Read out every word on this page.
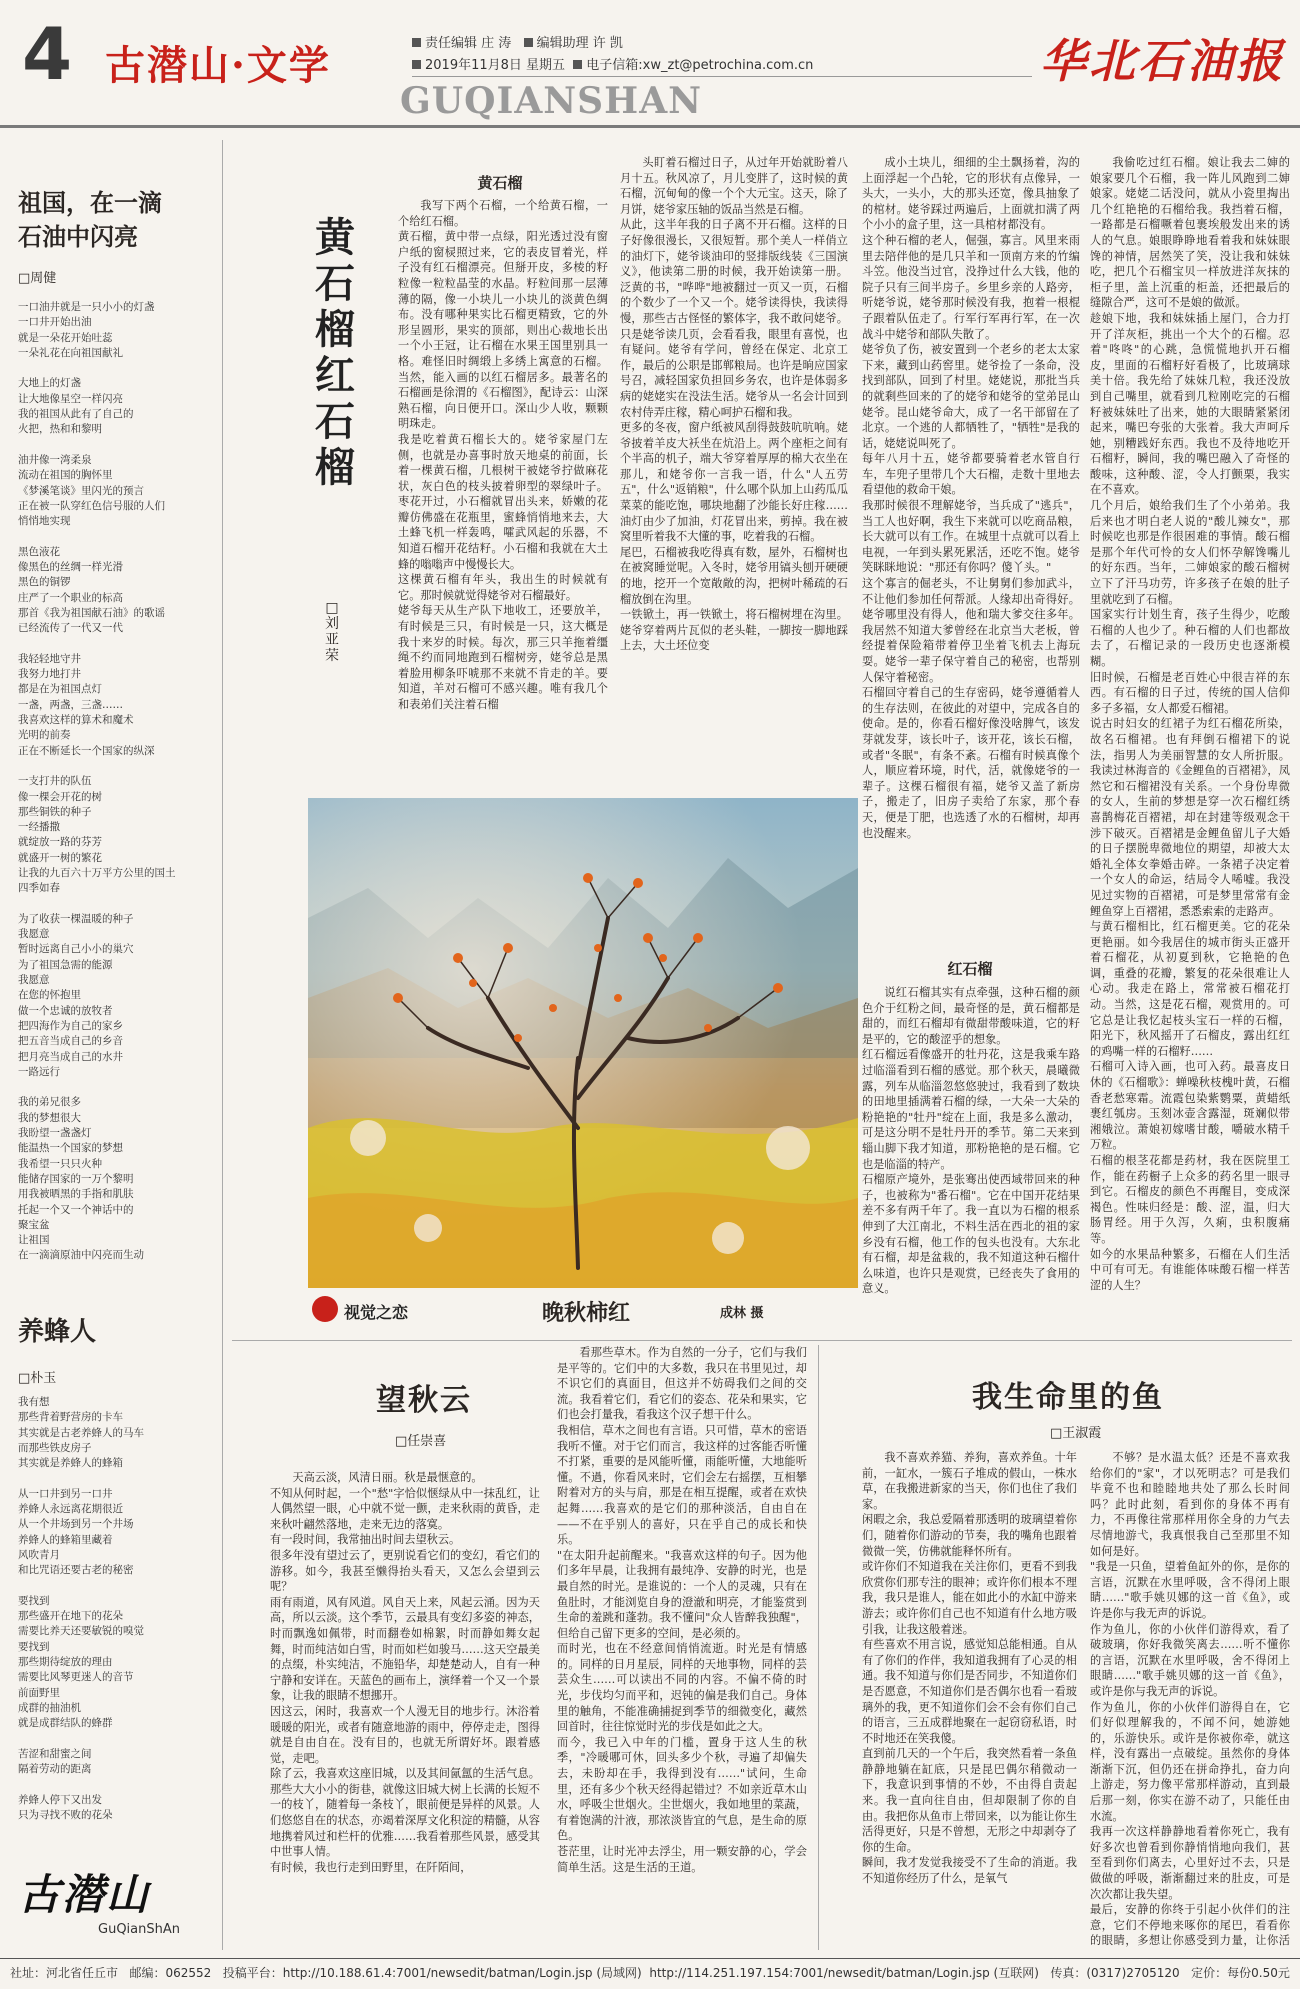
4 古潜山·文学	责任编辑 庄 涛 编辑助理 许 凯
2019年11月8日 星期五 电子信箱:xw_zt@petrochina.com.cn
GUQIANSHAN
华北石油报
祖国，在一滴
石油中闪亮
□周健
一口油井就是一只小小的灯盏
一口井开始出油
就是一朵花开始吐蕊
一朵礼花在向祖国献礼

大地上的灯盏
让大地像星空一样闪亮
我的祖国从此有了自己的
火把，热和和黎明

油井像一湾柔泉
流动在祖国的胸怀里
《梦溪笔谈》里闪光的预言
正在被一队穿红色信号服的人们
悄悄地实现

黑色液花
像黑色的丝绸一样光滑
黑色的铜锣
庄严了一个职业的标高
那首《我为祖国献石油》的歌谣
已经流传了一代又一代

我轻轻地守井
我努力地打井
都是在为祖国点灯
一盏，两盏，三盏……
我喜欢这样的算术和魔术
光明的前奏
正在不断延长一个国家的纵深

一支打井的队伍
像一棵会开花的树
那些铜铁的种子
一经播撒
就绽放一路的芬芳
就盛开一树的繁花
让我的九百六十万平方公里的国土
四季如春

为了收获一棵温暖的种子
我愿意
暂时远离自己小小的巢穴
为了祖国急需的能源
我愿意
在您的怀抱里
做一个忠诚的放牧者
把四海作为自己的家乡
把五音当成自己的乡音
把月亮当成自己的水井
一路远行

我的弟兄很多
我的梦想很大
我盼望一盏盏灯
能温热一个国家的梦想
我希望一只只火种
能储存国家的一万个黎明
用我被晒黑的手指和肌肤
托起一个又一个神话中的
聚宝盆
让祖国
在一滴滴原油中闪亮而生动
养蜂人
□朴玉
我有想
那些背着野营房的卡车
其实就是古老养蜂人的马车
而那些铁皮房子
其实就是养蜂人的蜂箱

从一口井到另一口井
养蜂人永远离花期很近
从一个井场到另一个井场
养蜂人的蜂箱里藏着
风吹青月
和比咒语还要古老的秘密

要找到
那些盛开在地下的花朵
需要比养天还要敏锐的嗅觉
要找到
那些期待绽放的理由
需要比风琴更迷人的音节
前面野里
成群的抽油机
就是成群结队的蜂群

苦涩和甜蜜之间
隔着劳动的距离

养蜂人停下又出发
只为寻找不败的花朵
古潜山
GuQianShAn
黄石榴 红石榴
□刘亚荣
黄石榴

我写下两个石榴，一个给黄石榴，一个给红石榴。
黄石榴，黄中带一点绿，阳光透过没有窗户纸的窗棂照过来，它的表皮冒着光，样子没有红石榴漂亮。但掰开皮，多棱的籽粒像一粒粒晶莹的水晶。籽粒间那一层薄薄的隔，像一小块儿一小块儿的淡黄色绸布。没有哪种果实比石榴更精致，它的外形呈圆形，果实的顶部，则出心裁地长出一个小王冠，让石榴在水果王国里别具一格。难怪旧时绸缎上多绣上寓意的石榴。当然，能入画的以红石榴居多。最著名的石榴画是徐渭的《石榴图》，配诗云：山深熟石榴，向日便开口。深山少人收，颗颗明珠走。
我是吃着黄石榴长大的。姥爷家屋门左侧，也就是办喜事时放天地桌的前面，长着一棵黄石榴，几根树干被姥爷拧做麻花状，灰白色的枝头披着卵型的翠绿叶子。枣花开过，小石榴就冒出头来，娇嫩的花瓣仿佛盛在花瓶里，蜜蜂悄悄地来去，大土蜂飞机一样轰鸣，嚯武风起的乐器，不知道石榴开花结籽。小石榴和我就在大土蜂的嗡嗡声中慢慢长大。
这棵黄石榴有年头，我出生的时候就有它。那时候就觉得姥爷对石榴最好。
姥爷每天从生产队下地收工，还要放羊，有时候是三只，有时候是一只，这大概是我十来岁的时候。每次，那三只羊拖着缰绳不约而同地跑到石榴树旁，姥爷总是黑着脸用柳条吓唬那不来就不肯走的羊。要知道，羊对石榴可不感兴趣。唯有我几个和表弟们关注着石榴

头盯着石榴过日子，从过年开始就盼着八月十五。秋风凉了，月儿变胖了，这时候的黄石榴，沉甸甸的像一个个大元宝。这天，除了月饼，姥爷家压轴的饭品当然是石榴。
从此，这半年我的日子离不开石榴。这样的日子好像很漫长，又很短暂。那个美人一样俏立的油灯下，姥爷谈油印的竖排版线装《三国演义》，他读第二册的时候，我开始读第一册。泛黄的书，"哗哗"地被翻过一页又一页，石榴的个数少了一个又一个。姥爷读得快，我读得慢，那些古古怪怪的繁体字，我不敢问姥爷。只是姥爷读几页，会看看我，眼里有喜悦，也有疑问。姥爷有学问，曾经在保定、北京工作，最后的公职是邯郸粮局。也许是晌应国家号召，减轻国家负担回乡务农，也许是体弱多病的姥姥实在没法生活。姥爷从一名会计回到农村侍弄庄稼，精心呵护石榴和我。
更多的冬夜，窗户纸被风刮得鼓鼓吭吭响。姥爷披着羊皮大袄坐在炕沿上。两个座柜之间有个半高的机子，端大爷穿着厚厚的棉大衣坐在那儿，和姥爷你一言我一语，什么"人五劳五"，什么"返销粮"，什么哪个队加上山药瓜瓜菜菜的能吃饱，哪块地翻了沙能长好庄稼……油灯由少了加油，灯花冒出来，剪掉。我在被窝里听着我不大懂的事，吃着我的石榴。
尾巴，石榴被我吃得真有数，屋外，石榴树也在被窝睡觉呢。入冬时，姥爷用镐头刨开硬硬的地，挖开一个宽敞敞的沟，把树叶稀疏的石榴放倒在沟里。
一铁锨土，再一铁锨土，将石榴树埋在沟里。姥爷穿着两片瓦似的老头鞋，一脚按一脚地踩上去，大土坯位变

成小土块儿，细细的尘土飘扬着，沟的上面浮起一个凸轮，它的形状有点像异，一头大，一头小，大的那头还宽，像具抽象了的棺材。姥爷踩过两遍后，上面就扣满了两个小小的盒子里，这一具棺材都没有。
这个种石榴的老人，倔强，寡言。风里来雨里去陪伴他的是几只羊和一顶南方来的竹编斗笠。他没当过官，没挣过什么大钱，他的院子只有三间半房子。乡里乡亲的人路旁，听姥爷说，姥爷那时候没有我，抱着一根棍子跟着队伍走了。行军行军再行军，在一次战斗中姥爷和部队失散了。
姥爷负了伤，被安置到一个老乡的老太太家下来，藏到山药窖里。姥爷捡了一条命，没找到部队，回到了村里。姥姥说，那批当兵的就剩些回来的了的姥爷和姥爷的堂弟昆山姥爷。昆山姥爷命大，成了一名干部留在了北京。一个逃的人都牺牲了，"牺牲"是我的话，姥姥说叫死了。
每年八月十五，姥爷都要骑着老水管自行车，车兜子里带几个大石榴，走数十里地去看望他的救命干娘。
我那时候很不理解姥爷，当兵成了"逃兵"，当工人也好啊，我生下来就可以吃商品粮，长大就可以有工作。在城里十点就可以看上电视，一年到头累死累活，还吃不饱。姥爷笑眯眯地说："那还有你吗？傻丫头。"
这个寡言的倔老头，不让舅舅们参加武斗，不让他们参加任何帮派。人缘却出奇得好。姥爷哪里没有得人，他和瑞大爹交往多年。我居然不知道大爹曾经在北京当大老板，曾经提着保险箱带着停卫坐着飞机去上海玩耍。姥爷一辈子保守着自己的秘密，也帮别人保守着秘密。
石榴回守着自己的生存密码，姥爷遵循着人的生存法则，在彼此的对望中，完成各自的使命。是的，你看石榴好像没啥脾气，该发芽就发芽，该长叶子，该开花，该长石榴，或者"冬眠"，有条不紊。石榴有时候真像个人，顺应着环境，时代，活，就像姥爷的一辈子。这棵石榴很有福，姥爷又盖了新房子，搬走了，旧房子卖给了东家，那个春天，便是丁肥，也选透了水的石榴树，却再也没醒来。

红石榴

说红石榴其实有点牵强，这种石榴的颜色介于红粉之间，最奇怪的是，黄石榴都是甜的，而红石榴却有微甜带酸味道，它的籽是平的，它的酸涩乎的想象。
红石榴远看像盛开的牡丹花，这是我乘车路过临淄看到石榴的感觉。那个秋天，晨曦微露，列车从临淄忽悠悠驶过，我看到了数块的田地里插满着石榴的绿，一大朵一大朵的粉艳艳的"牡丹"绽在上面，我是多么激动，可是这分明不是牡丹开的季节。第二天来到辎山脚下我才知道，那粉艳艳的是石榴。它也是临淄的特产。
石榴原产境外，是张骞出使西域带回来的种子，也被称为"番石榴"。它在中国开花结果差不多有两千年了。我一直以为石榴的根系伸到了大江南北，不料生活在西北的祖的家乡没有石榴，他工作的包头也没有。大东北有石榴，却是盆栽的，我不知道这种石榴什么味道，也许只是观赏，已经丧失了食用的意义。

我偷吃过红石榴。娘让我去二婶的娘家要几个石榴，我一阵儿风跑到二婶娘家。姥姥二话没问，就从小瓷里掏出几个红艳艳的石榴给我。我挡着石榴，一路都是石榴噘着包裹埃般发出来的诱人的气息。娘眼睁睁地看着我和妹妹眼馋的神情，居然笑了笑，没让我和妹妹吃，把几个石榴宝贝一样放进洋灰抹的柜子里，盖上沉重的柜盖，还把最后的缝隙合严，这可不是娘的做派。
趁娘下地，我和妹妹插上屋门，合力打开了洋灰柜，挑出一个大个的石榴。忍着"咚咚"的心跳，急慌慌地扒开石榴皮，里面的石榴籽好看极了，比玻璃球美十倍。我先给了妹妹几粒，我还没放到自己嘴里，就看到几粒刚吃完的石榴籽被妹妹吐了出来，她的大眼睛紧紧闭起来，嘴巴夸张的大张着。我大声呵斥她，别糟践好东西。我也不及待地吃开石榴籽，瞬间，我的嘴巴融入了奇怪的酸味，这种酸、涩，令人打颤栗，我实在不喜欢。
几个月后，娘给我们生了个小弟弟。我后来也才明白老人说的"酸儿辣女"，那时候吃也那是作很困难的事情。酸石榴是那个年代可怜的女人们怀孕解馋嘴儿的好东西。当年，二婶娘家的酸石榴树立下了汗马功劳，许多孩子在娘的肚子里就吃到了石榴。
国家实行计划生育，孩子生得少，吃酸石榴的人也少了。种石榴的人们也都故去了，石榴记录的一段历史也逐渐模糊。
旧时候，石榴是老百姓心中很吉祥的东西。有石榴的日子过，传统的国人信仰多子多福，女人都爱石榴裙。
说古时妇女的红裙子为红石榴花所染，故名石榴裙。也有拜倒石榴裙下的说法，指男人为美丽智慧的女人所折服。我读过林海音的《金鲤鱼的百褶裙》，凤然它和石榴裙没有关系。一个身份卑微的女人，生前的梦想是穿一次石榴红绣喜鹊梅花百褶裙，却在封建等级观念干涉下破灭。百褶裙是金鲤鱼留儿子大婚的日子摆脱卑微地位的期望，却被大太婚礼全体女拳婚击碎。一条裙子决定着一个女人的命运，结局令人唏嘘。我没见过实物的百褶裙，可是梦里常常有金鲤鱼穿上百褶裙，悉悉索索的走路声。
与黄石榴相比，红石榴更美。它的花朵更艳丽。如今我居住的城市街头正盛开着石榴花，从初夏到秋，它艳艳的色调，重叠的花瓣，繁复的花朵很难让人心动。我走在路上，常常被石榴花打动。当然，这是花石榴，观赏用的。可它总是让我忆起枝头宝石一样的石榴，阳光下，秋风摇开了石榴皮，露出红红的鸡嘴一样的石榴籽……
石榴可入诗入画，也可入药。最喜皮日休的《石榴歌》：蝉噪秋枝槐叶黄，石榴香老愁寒霜。流霞包染紫鹦粟，黄蜡纸裹红瓠房。玉刻冰壶含露湿，斑斓似带湘娥泣。萧娘初嫁嗜甘酸，嚼破水精千万粒。
石榴的根茎花都是药材，我在医院里工作，能在药橱子上众多的药名里一眼寻到它。石榴皮的颜色不再醒目，变成深褐色。性味归经是：酸、涩，温，归大肠胃经。用于久泻，久痢，虫积腹痛等。
如今的水果品种繁多，石榴在人们生活中可有可无。有谁能体味酸石榴一样苦涩的人生？

视觉之恋	晚秋柿红	成林 摄
望秋云
□任崇喜

天高云淡，风清日丽。秋是最惬意的。
不知从何时起，一个"愁"字恰似惬绿从中一抹乱红，让人偶然望一眼，心中就不觉一颤，走来秋雨的黄昏，走来秋叶翩然落地，走来无边的落寞。
有一段时间，我常抽出时间去望秋云。
很多年没有望过云了，更别说看它们的变幻，看它们的游移。如今，我甚至懒得抬头看天，又怎么会望到云呢？
雨有雨道，风有风道。风自天上来，风起云涌。因为天高，所以云淡。这个季节，云最具有变幻多姿的神态，时而飘逸如佩带，时而翻卷如棉絮，时而静如舞女起舞，时而纯洁如白雪，时而如栏如骏马……这天空最美的点缀，朴实纯洁，不施铅华，却楚楚动人，自有一种宁静和安详在。天蓝色的画布上，演绎着一个又一个景象，让我的眼睛不想挪开。
因这云，闲时，我喜欢一个人漫无目的地步行。沐浴着暖暖的阳光，或者有随意地游的雨中，停停走走，图得就是自由自在。没有目的，也就无所谓好坏。跟着感觉，走吧。
除了云，我喜欢这座旧城，以及其间氤氲的生活气息。那些大大小小的街巷，就像这旧城大树上长满的长短不一的枝丫，随着每一条枝丫，眼前便是异样的风景。人们悠悠自在的状态，亦竭着深厚文化积淀的精髓，从容地携着风过和栏杆的优雅……我看着那些风景，感受其中世事人情。
有时候，我也行走到田野里，在阡陌间，

看那些草木。作为自然的一分子，它们与我们是平等的。它们中的大多数，我只在书里见过，却不识它们的真面目，但这并不妨碍我们之间的交流。我看着它们，看它们的姿态、花朵和果实，它们也会打量我，看我这个汉子想干什么。
我相信，草木之间也有言语。只可惜，草木的密语我听不懂。对于它们而言，我这样的过客能否听懂不打紧，重要的是风能听懂，雨能听懂，大地能听懂。不過，你看风来时，它们会左右摇摆，互相攀附着对方的头与肩，那是在相互提醒，或者在欢快起舞……我喜欢的是它们的那种淡活，自由自在——不在乎别人的喜好，只在乎自己的成长和快乐。
"在太阳升起前醒来。"我喜欢这样的句子。因为他们多年早晨，让我拥有最纯净、安静的时光，也是最自然的时光。是谁说的：一个人的灵魂，只有在鱼肚时，才能浏览自身的澄澈和明亮，才能鉴赏到生命的羞跳和蓬勃。我不懂问"众人皆醉我独醒"，但给自己留下更多的空间，是必须的。
而时光，也在不经意间悄悄流逝。时光是有情感的。同样的日月星辰，同样的天地事物，同样的芸芸众生……可以读出不同的内容。不偏不倚的时光，步伐均匀而平和，迟钝的偏是我们自己。身体里的触角，不能准确捕捉到季节的细微变化，藏然回首时，往往惊觉时光的步伐是如此之大。
而今，我已入中年的门槛，置身于这人生的秋季，"冷暖哪可休，回头多少个秋，寻遍了却偏失去，未盼却在手，我得到没有……"试问，生命里，还有多少个秋天经得起错过？不如亲近草木山水，呼吸尘世烟火。尘世烟火，我如地里的菜蔬，有着饱满的汁液，那浓淡皆宜的气息，是生命的原色。
苍茫里，让时光冲去浮尘，用一颗安静的心，学会简单生活。这是生活的王道。

我生命里的鱼
□王淑霞

我不喜欢养猫、养狗，喜欢养鱼。十年前，一缸水，一簇石子堆成的假山，一株水草，在我搬进新家的当天，你们也住了我们家。
闲暇之余，我总爱隔着那透明的玻璃望着你们，随着你们游动的节奏，我的嘴角也跟着微微一笑，仿佛就能释怀所有。
或许你们不知道我在关注你们，更看不到我欣赏你们那专注的眼神；或许你们根本不理我，我只是谁人，能在如此小的水缸中游来游去；或许你们自己也不知道有什么地方吸引我，让我这般着迷。
有些喜欢不用言说，感觉知总能相通。自从有了你们的作伴，我知道我拥有了心灵的相通。我不知道与你们是否同步，不知道你们是否愿意，不知道你们是否偶尔也看一看玻璃外的我，更不知道你们会不会有你们自己的语言，三五成群地聚在一起窃窃私语，时不时地还在笑我傻。
直到前几天的一个午后，我突然看着一条鱼静静地躺在缸底，只是昆巴偶尔稍微动一下，我意识到事情的不妙，不由得自责起来。我一直向往自由，但却限制了你的自由。我把你从鱼市上带回来，以为能让你生活得更好，只是不曾想，无形之中却剥夺了你的生命。
瞬间，我才发觉我接受不了生命的消逝。我不知道你经历了什么，是氧气

不够？是水温太低？还是不喜欢我给你们的"家"，才以死明志？可是我们毕竟不也和睦睦地共处了那么长时间吗？此时此刻，看到你的身体不再有力，不再像往常那样用你全身的力气去尽情地游弋，我真恨我自己至那里不知如何是好。
"我是一只鱼，望着鱼缸外的你，是你的言语，沉默在水里呼吸，含不得闭上眼睛……"歌手姚贝娜的这一首《鱼》，或许是你与我无声的诉说。
作为鱼儿，你的小伙伴们游得欢，看了破玻璃，你好我微笑离去……听不懂你的言语，沉默在水里呼吸，舍不得闭上眼睛……"歌手姚贝娜的这一首《鱼》，或许是你与我无声的诉说。
作为鱼儿，你的小伙伴们游得自在，它们好似理解我的，不闻不问，她游她的，乐游快乐。或许是你被你牵，就这样，没有露出一点破绽。虽然你的身体渐渐下沉，但仍还在拼命挣扎，奋力向上游走，努力像平常那样游动，直到最后那一刻，你实在游不动了，只能任由水流。
我再一次这样静静地看着你死亡，我有好多次也曾看到你静悄悄地向我们，甚至看到你们离去，心里好过不去，只是做做的呼吸，渐渐翻过来的肚皮，可是次次都让我失望。
最后，安静的你终于引起小伙伴们的注意，它们不停地来啄你的尾巴，看看你的眼睛，多想让你感受到力量，让你活

社址：河北省任丘市 邮编：062552 投稿平台：http://10.188.61.4:7001/newsedit/batman/Login.jsp (局域网) http://114.251.197.154:7001/newsedit/batman/Login.jsp (互联网) 传真：(0317)2705120 定价：每份0.50元
